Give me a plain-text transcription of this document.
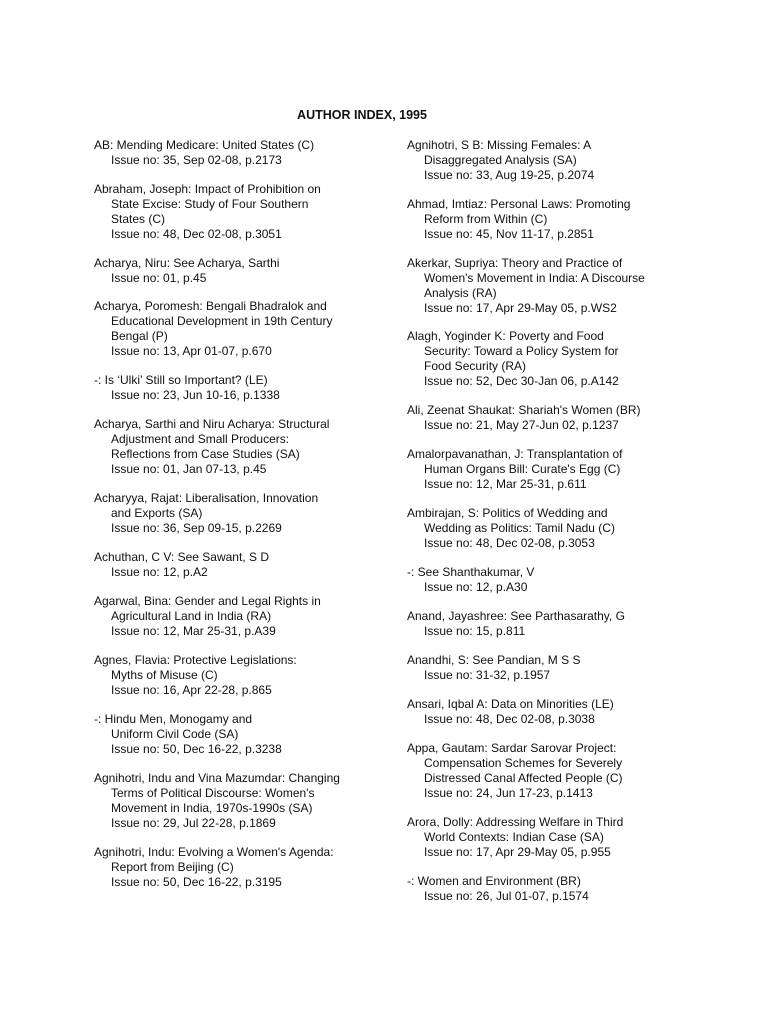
AUTHOR INDEX, 1995
AB: Mending Medicare: United States (C)
Issue no: 35, Sep 02-08, p.2173
Abraham, Joseph: Impact of Prohibition on
State Excise: Study of Four Southern
States (C)
Issue no: 48, Dec 02-08, p.3051
Acharya, Niru: See Acharya, Sarthi
Issue no: 01, p.45
Acharya, Poromesh: Bengali Bhadralok and
Educational Development in 19th Century
Bengal (P)
Issue no: 13, Apr 01-07, p.670
-: Is ‘Ulki’ Still so Important? (LE)
Issue no: 23, Jun 10-16, p.1338
Acharya, Sarthi and Niru Acharya: Structural
Adjustment and Small Producers:
Reflections from Case Studies (SA)
Issue no: 01, Jan 07-13, p.45
Acharyya, Rajat: Liberalisation, Innovation
and Exports (SA)
Issue no: 36, Sep 09-15, p.2269
Achuthan, C V: See Sawant, S D
Issue no: 12, p.A2
Agarwal, Bina: Gender and Legal Rights in
Agricultural Land in India (RA)
Issue no: 12, Mar 25-31, p.A39
Agnes, Flavia: Protective Legislations:
Myths of Misuse (C)
Issue no: 16, Apr 22-28, p.865
-: Hindu Men, Monogamy and
Uniform Civil Code (SA)
Issue no: 50, Dec 16-22, p.3238
Agnihotri, Indu and Vina Mazumdar: Changing
Terms of Political Discourse: Women's
Movement in India, 1970s-1990s (SA)
Issue no: 29, Jul 22-28, p.1869
Agnihotri, Indu: Evolving a Women's Agenda:
Report from Beijing (C)
Issue no: 50, Dec 16-22, p.3195
Agnihotri, S B: Missing Females: A
Disaggregated Analysis (SA)
Issue no: 33, Aug 19-25, p.2074
Ahmad, Imtiaz: Personal Laws: Promoting
Reform from Within (C)
Issue no: 45, Nov 11-17, p.2851
Akerkar, Supriya: Theory and Practice of
Women's Movement in India: A Discourse
Analysis (RA)
Issue no: 17, Apr 29-May 05, p.WS2
Alagh, Yoginder K: Poverty and Food
Security: Toward a Policy System for
Food Security (RA)
Issue no: 52, Dec 30-Jan 06, p.A142
Ali, Zeenat Shaukat: Shariah's Women (BR)
Issue no: 21, May 27-Jun 02, p.1237
Amalorpavanathan, J: Transplantation of
Human Organs Bill: Curate's Egg (C)
Issue no: 12, Mar 25-31, p.611
Ambirajan, S: Politics of Wedding and
Wedding as Politics: Tamil Nadu (C)
Issue no: 48, Dec 02-08, p.3053
-: See Shanthakumar, V
Issue no: 12, p.A30
Anand, Jayashree: See Parthasarathy, G
Issue no: 15, p.811
Anandhi, S: See Pandian, M S S
Issue no: 31-32, p.1957
Ansari, Iqbal A: Data on Minorities (LE)
Issue no: 48, Dec 02-08, p.3038
Appa, Gautam: Sardar Sarovar Project:
Compensation Schemes for Severely
Distressed Canal Affected People (C)
Issue no: 24, Jun 17-23, p.1413
Arora, Dolly: Addressing Welfare in Third
World Contexts: Indian Case (SA)
Issue no: 17, Apr 29-May 05, p.955
-: Women and Environment (BR)
Issue no: 26, Jul 01-07, p.1574
